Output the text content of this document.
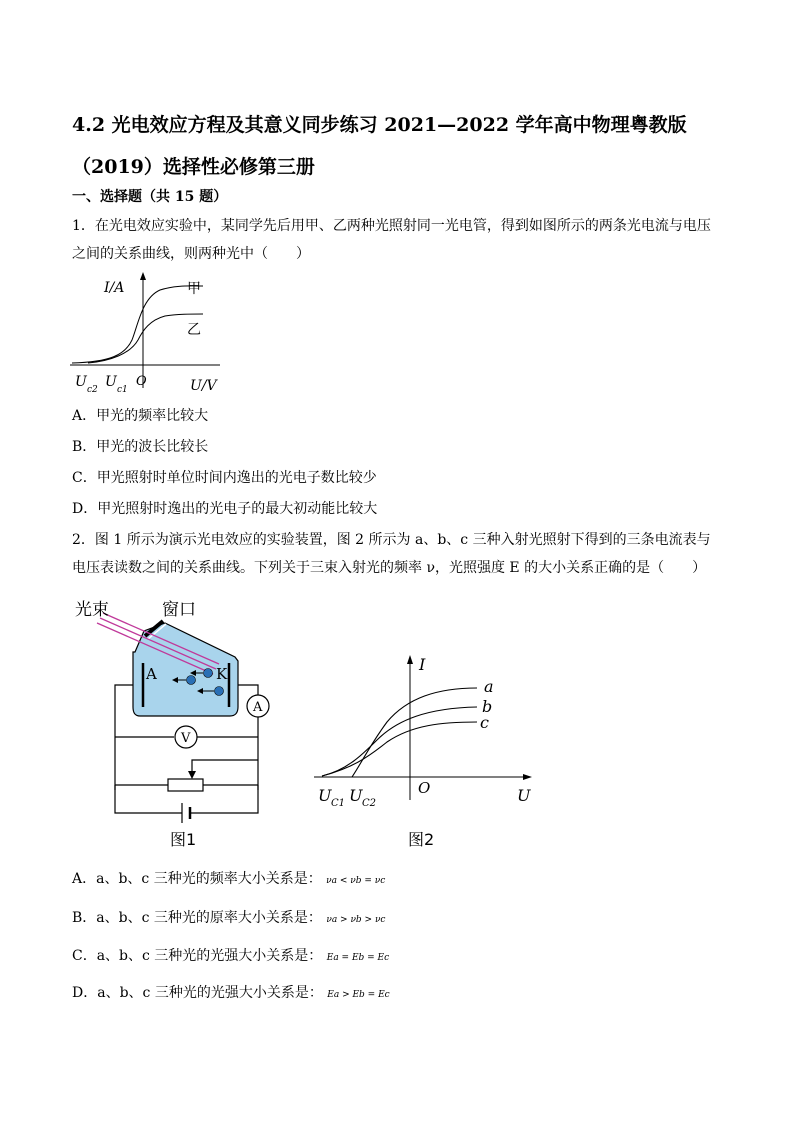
4.2 光电效应方程及其意义同步练习 2021—2022 学年高中物理粤教版（2019）选择性必修第三册
一、选择题（共 15 题）
1．在光电效应实验中，某同学先后用甲、乙两种光照射同一光电管，得到如图所示的两条光电流与电压之间的关系曲线，则两种光中（　　）
I/A	甲
乙
O	U/V
U c2 U c1
A．甲光的频率比较大
B．甲光的波长比较长
C．甲光照射时单位时间内逸出的光电子数比较少
D．甲光照射时逸出的光电子的最大初动能比较大
2．图 1 所示为演示光电效应的实验装置，图 2 所示为 a、b、c 三种入射光照射下得到的三条电流表与电压表读数之间的关系曲线。下列关于三束入射光的频率 ν，光照强度 E 的大小关系正确的是（　　）
光束	窗口
A	K
A
V
图1
I
a
b
c
O	U
U C1 U C2
图2
A．a、b、c 三种光的频率大小关系是： νa < νb = νc
B．a、b、c 三种光的原率大小关系是： νa > νb > νc
C．a、b、c 三种光的光强大小关系是： Ea = Eb = Ec
D．a、b、c 三种光的光强大小关系是： Ea > Eb = Ec
